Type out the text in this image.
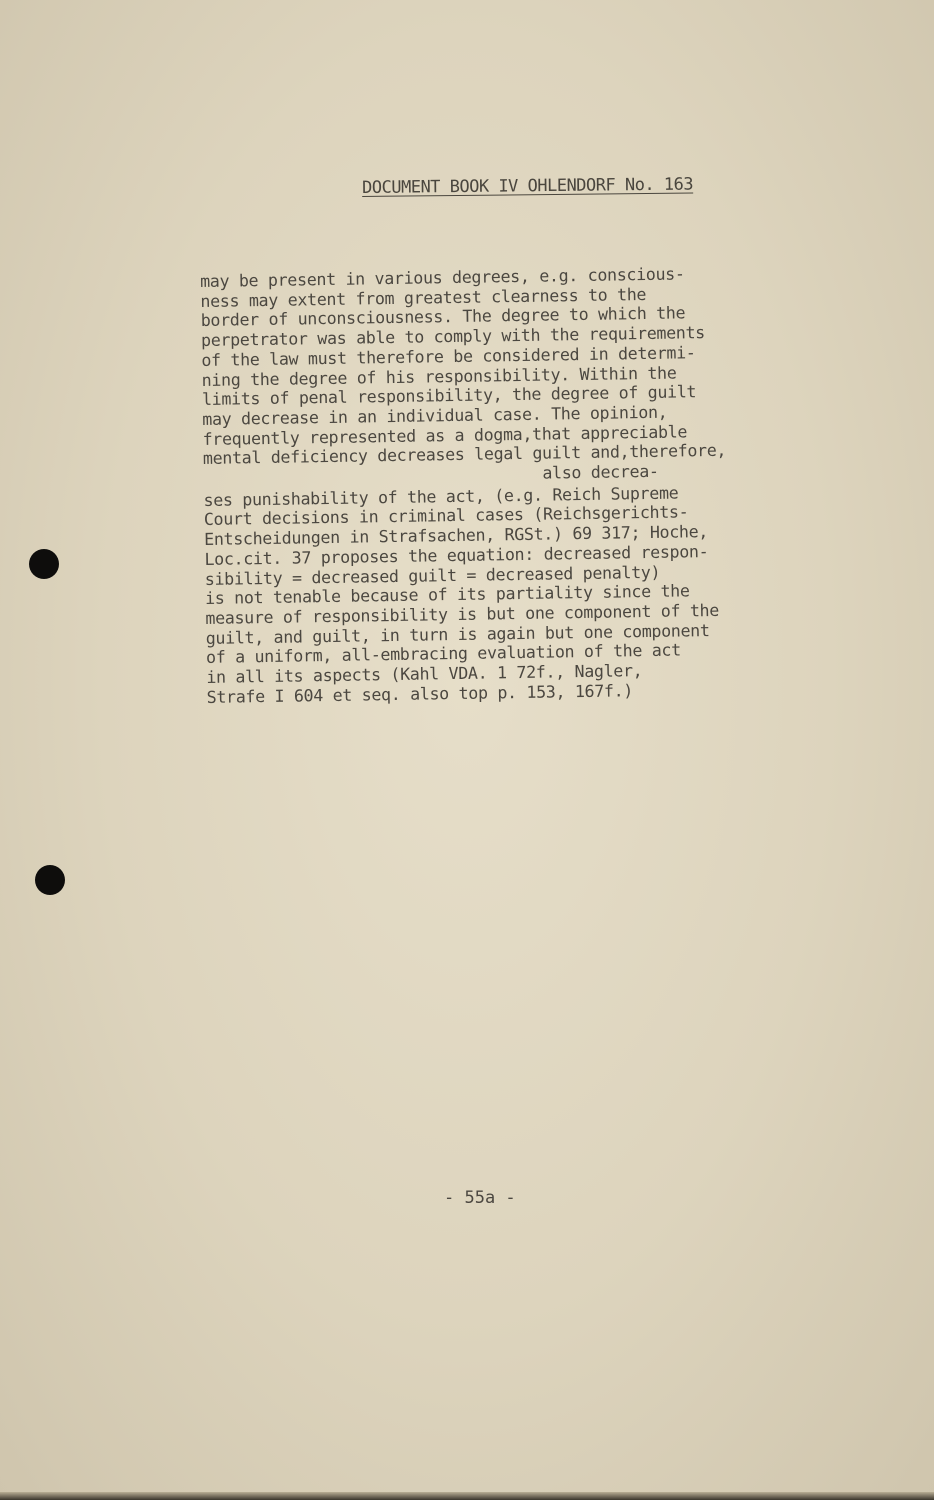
DOCUMENT BOOK IV OHLENDORF No. 163
may be present in various degrees, e.g. conscious-
ness may extent from greatest clearness to the
border of unconsciousness. The degree to which the
perpetrator was able to comply with the requirements
of the law must therefore be considered in determi-
ning the degree of his responsibility. Within the
limits of penal responsibility, the degree of guilt
may decrease in an individual case. The opinion,
frequently represented as a dogma,that appreciable
mental deficiency decreases legal guilt and,therefore,
also decrea-
ses punishability of the act, (e.g. Reich Supreme
Court decisions in criminal cases (Reichsgerichts-
Entscheidungen in Strafsachen, RGSt.) 69 317; Hoche,
Loc.cit. 37 proposes the equation: decreased respon-
sibility = decreased guilt = decreased penalty)
is not tenable because of its partiality since the
measure of responsibility is but one component of the
guilt, and guilt, in turn is again but one component
of a uniform, all-embracing evaluation of the act
in all its aspects (Kahl VDA. 1 72f., Nagler,
Strafe I 604 et seq. also top p. 153, 167f.)
- 55a -
